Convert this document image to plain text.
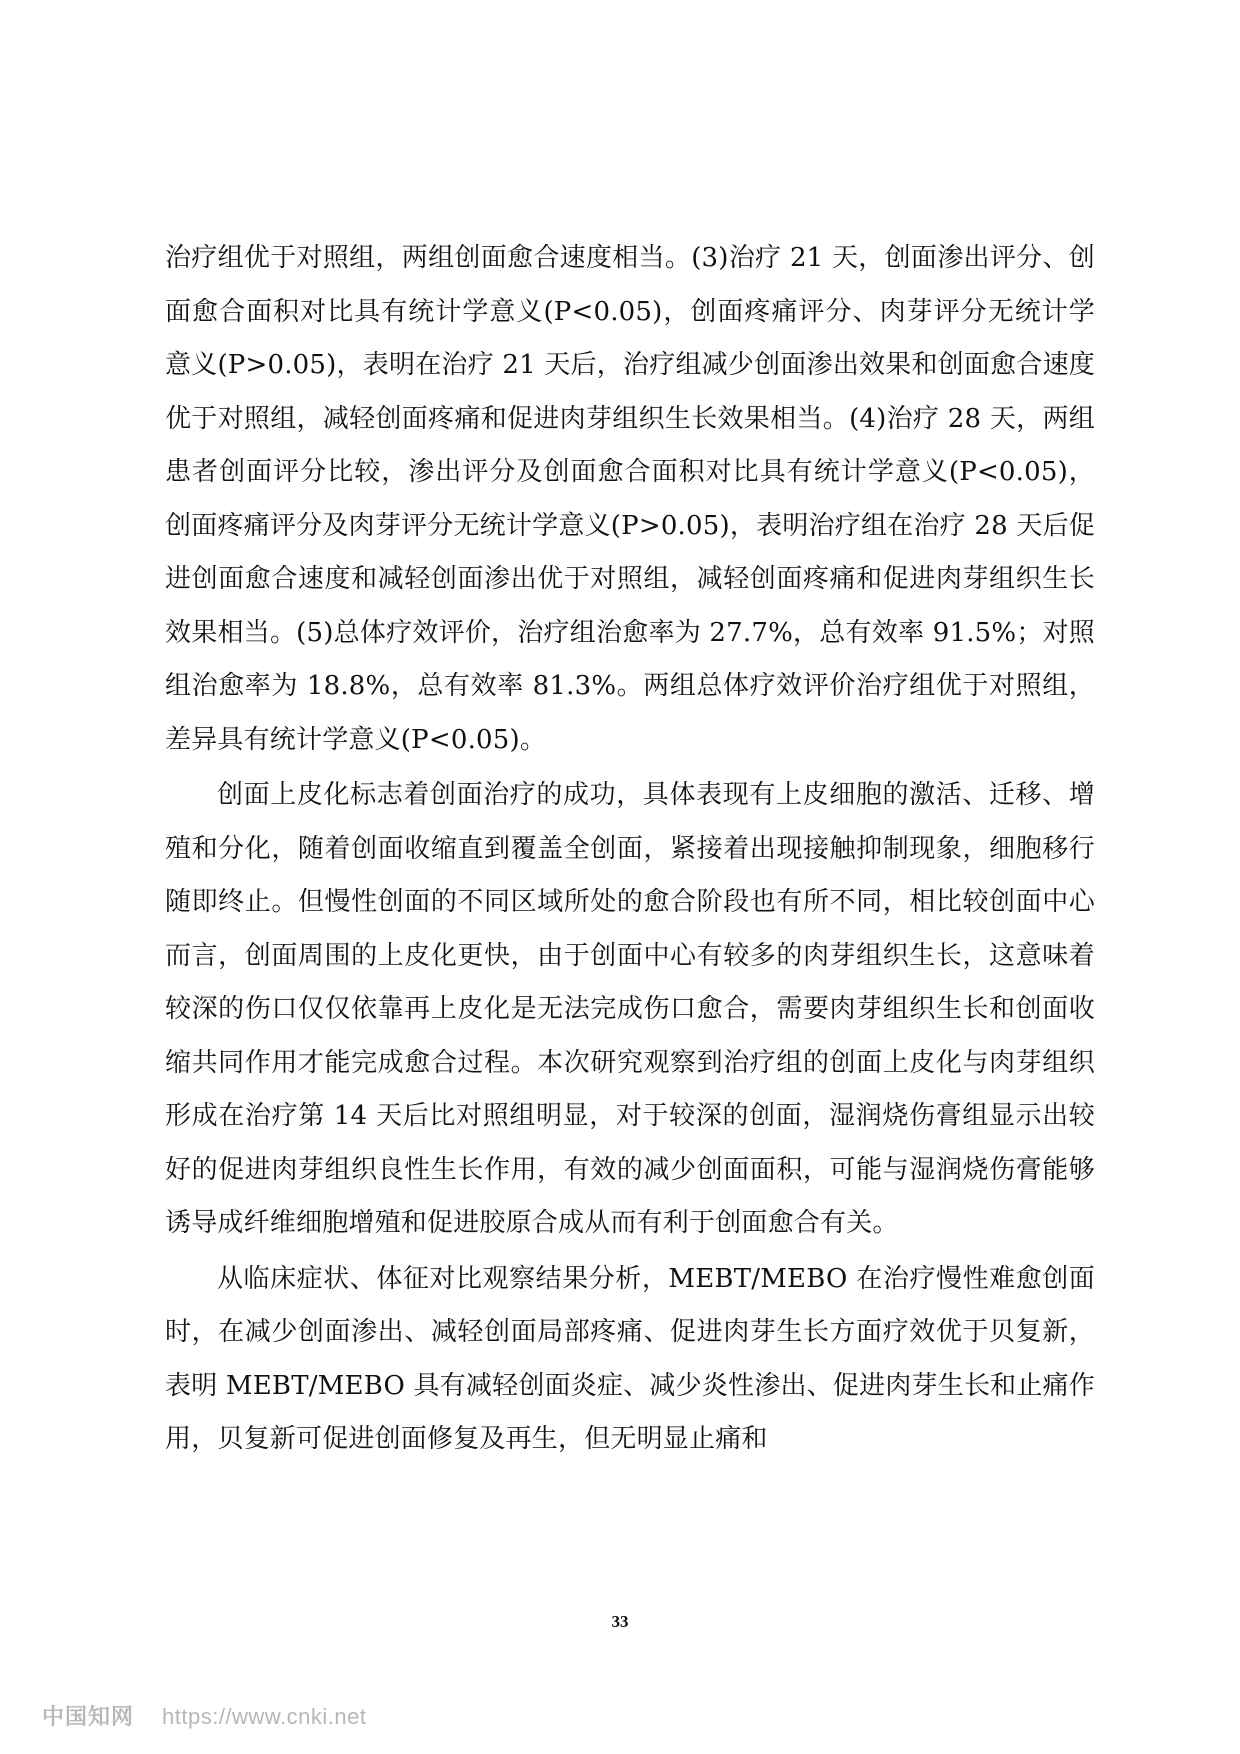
治疗组优于对照组，两组创面愈合速度相当。(3)治疗 21 天，创面渗出评分、创面愈合面积对比具有统计学意义(P<0.05)，创面疼痛评分、肉芽评分无统计学意义(P>0.05)，表明在治疗 21 天后，治疗组减少创面渗出效果和创面愈合速度优于对照组，减轻创面疼痛和促进肉芽组织生长效果相当。(4)治疗 28 天，两组患者创面评分比较，渗出评分及创面愈合面积对比具有统计学意义(P<0.05)，创面疼痛评分及肉芽评分无统计学意义(P>0.05)，表明治疗组在治疗 28 天后促进创面愈合速度和减轻创面渗出优于对照组，减轻创面疼痛和促进肉芽组织生长效果相当。(5)总体疗效评价，治疗组治愈率为 27.7%，总有效率 91.5%；对照组治愈率为 18.8%，总有效率 81.3%。两组总体疗效评价治疗组优于对照组，差异具有统计学意义(P<0.05)。

创面上皮化标志着创面治疗的成功，具体表现有上皮细胞的激活、迁移、增殖和分化，随着创面收缩直到覆盖全创面，紧接着出现接触抑制现象，细胞移行随即终止。但慢性创面的不同区域所处的愈合阶段也有所不同，相比较创面中心而言，创面周围的上皮化更快，由于创面中心有较多的肉芽组织生长，这意味着较深的伤口仅仅依靠再上皮化是无法完成伤口愈合，需要肉芽组织生长和创面收缩共同作用才能完成愈合过程。本次研究观察到治疗组的创面上皮化与肉芽组织形成在治疗第 14 天后比对照组明显，对于较深的创面，湿润烧伤膏组显示出较好的促进肉芽组织良性生长作用，有效的减少创面面积，可能与湿润烧伤膏能够诱导成纤维细胞增殖和促进胶原合成从而有利于创面愈合有关。

从临床症状、体征对比观察结果分析，MEBT/MEBO 在治疗慢性难愈创面时，在减少创面渗出、减轻创面局部疼痛、促进肉芽生长方面疗效优于贝复新，表明 MEBT/MEBO 具有减轻创面炎症、减少炎性渗出、促进肉芽生长和止痛作用，贝复新可促进创面修复及再生，但无明显止痛和

33
中国知网 https://www.cnki.net
